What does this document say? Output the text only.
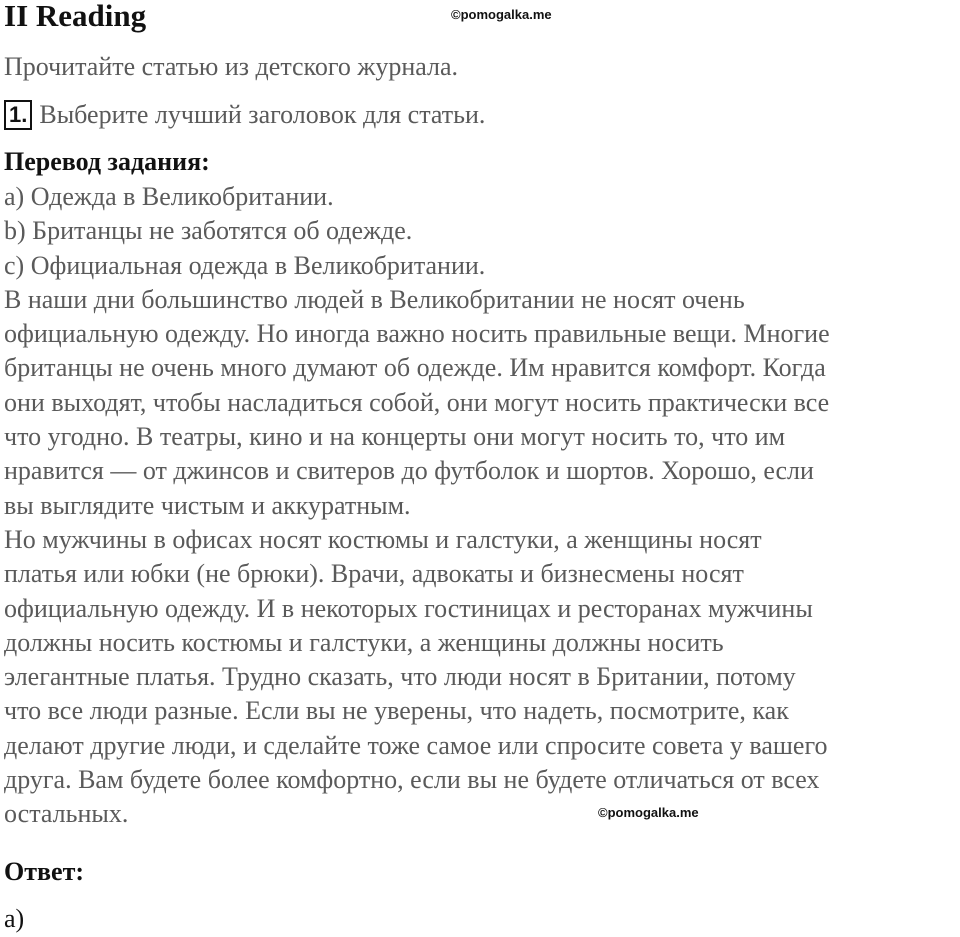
II Reading	©pomogalka.me
Прочитайте статью из детского журнала.
1. Выберите лучший заголовок для статьи.
Перевод задания:
a) Одежда в Великобритании.
b) Британцы не заботятся об одежде.
c) Официальная одежда в Великобритании.
В наши дни большинство людей в Великобритании не носят очень
официальную одежду. Но иногда важно носить правильные вещи. Многие
британцы не очень много думают об одежде. Им нравится комфорт. Когда
они выходят, чтобы насладиться собой, они могут носить практически все
что угодно. В театры, кино и на концерты они могут носить то, что им
нравится — от джинсов и свитеров до футболок и шортов. Хорошо, если
вы выглядите чистым и аккуратным.
Но мужчины в офисах носят костюмы и галстуки, а женщины носят
платья или юбки (не брюки). Врачи, адвокаты и бизнесмены носят
официальную одежду. И в некоторых гостиницах и ресторанах мужчины
должны носить костюмы и галстуки, а женщины должны носить
элегантные платья. Трудно сказать, что люди носят в Британии, потому
что все люди разные. Если вы не уверены, что надеть, посмотрите, как
делают другие люди, и сделайте тоже самое или спросите совета у вашего
друга. Вам будете более комфортно, если вы не будете отличаться от всех
остальных.	©pomogalka.me
Ответ:
a)
